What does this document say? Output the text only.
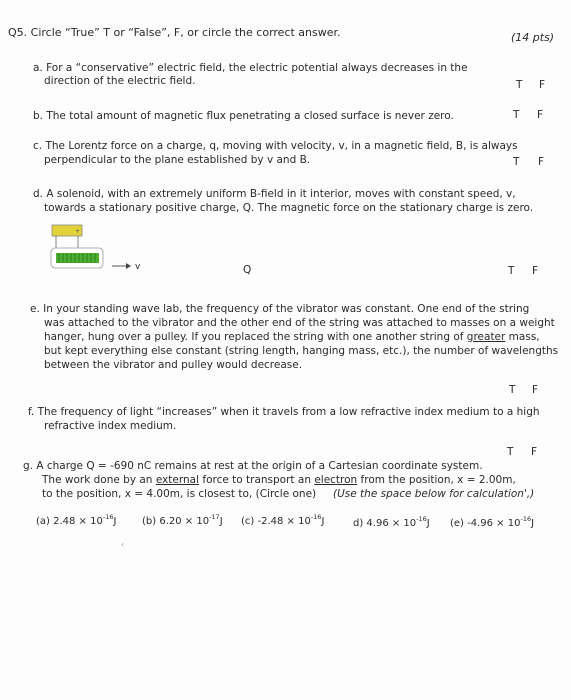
Q5. Circle “True” T or “False”, F, or circle the correct answer.	(14 pts)
a. For a “conservative” electric field, the electric potential always decreases in the
direction of the electric field.	T F
b. The total amount of magnetic flux penetrating a closed surface is never zero.	T F
c. The Lorentz force on a charge, q, moving with velocity, v, in a magnetic field, B, is always
perpendicular to the plane established by v and B.	T F
d. A solenoid, with an extremely uniform B-field in it interior, moves with constant speed, v,
towards a stationary positive charge, Q. The magnetic force on the stationary charge is zero.
+
v	Q	T F
e. In your standing wave lab, the frequency of the vibrator was constant. One end of the string
was attached to the vibrator and the other end of the string was attached to masses on a weight
hanger, hung over a pulley. If you replaced the string with one another string of greater mass,
but kept everything else constant (string length, hanging mass, etc.), the number of wavelengths
between the vibrator and pulley would decrease.
T F
f. The frequency of light “increases” when it travels from a low refractive index medium to a high
refractive index medium.
T F
g. A charge Q = -690 nC remains at rest at the origin of a Cartesian coordinate system.
The work done by an external force to transport an electron from the position, x = 2.00m,
to the position, x = 4.00m, is closest to, (Circle one) (Use the space below for calculation',)
(a) $2.48 \times 10^{-16}J$	(b) $6.20 \times 10^{-17}J$ (c) $-2.48 \times 10^{-16}J$	d) $4.96 \times 10^{-16}J$ (e) $-4.96 \times 10^{-16}J$
‹
